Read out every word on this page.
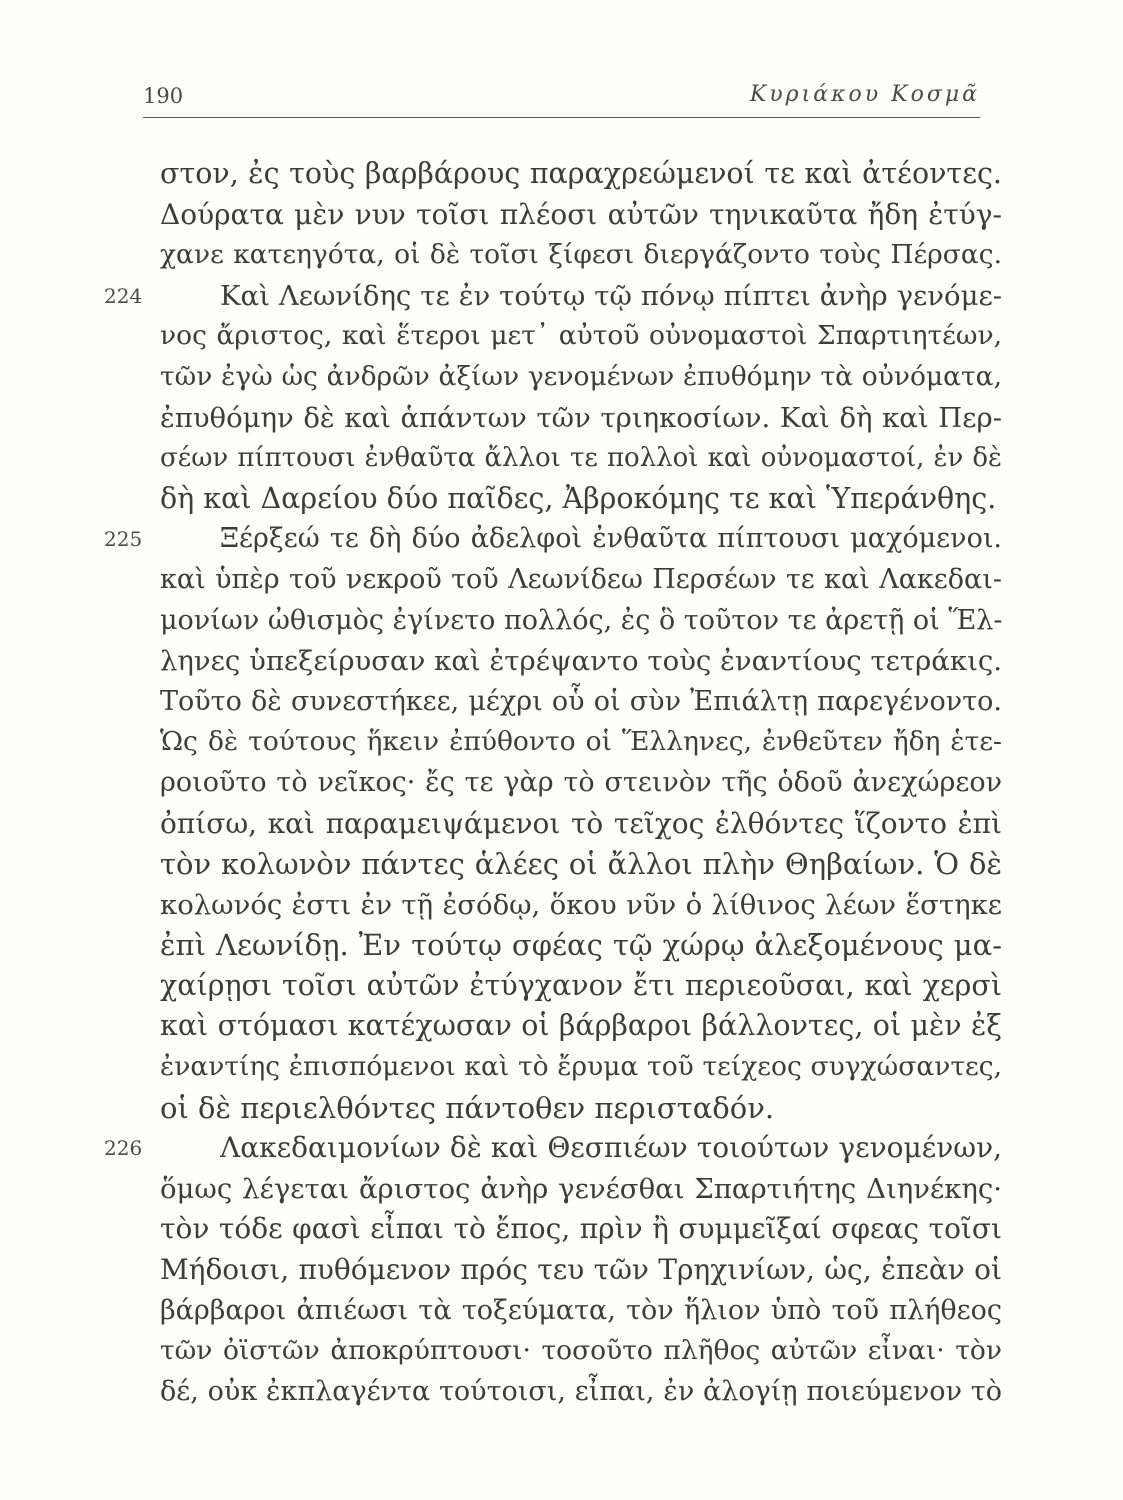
190	Κυριάκου Κοσμᾶ
στον, ἐς τοὺς βαρβάρους παραχρεώμενοί τε καὶ ἀτέοντες.
Δούρατα μὲν νυν τοῖσι πλέοσι αὐτῶν τηνικαῦτα ἤδη ἐτύγ-
χανε κατεηγότα, οἱ δὲ τοῖσι ξίφεσι διεργάζοντο τοὺς Πέρσας.
Καὶ Λεωνίδης τε ἐν τούτῳ τῷ πόνῳ πίπτει ἀνὴρ γενόμε-
224
νος ἄριστος, καὶ ἕτεροι μετ᾽ αὐτοῦ οὐνομαστοὶ Σπαρτιητέων,
τῶν ἐγὼ ὡς ἀνδρῶν ἀξίων γενομένων ἐπυθόμην τὰ οὐνόματα,
ἐπυθόμην δὲ καὶ ἁπάντων τῶν τριηκοσίων. Καὶ δὴ καὶ Περ-
σέων πίπτουσι ἐνθαῦτα ἄλλοι τε πολλοὶ καὶ οὐνομαστοί, ἐν δὲ
δὴ καὶ Δαρείου δύο παῖδες, Ἀβροκόμης τε καὶ Ὑπεράνθης.
Ξέρξεώ τε δὴ δύο ἀδελφοὶ ἐνθαῦτα πίπτουσι μαχόμενοι.
225
καὶ ὑπὲρ τοῦ νεκροῦ τοῦ Λεωνίδεω Περσέων τε καὶ Λακεδαι-
μονίων ὠθισμὸς ἐγίνετο πολλός, ἐς ὃ τοῦτον τε ἀρετῇ οἱ Ἕλ-
ληνες ὑπεξείρυσαν καὶ ἐτρέψαντο τοὺς ἐναντίους τετράκις.
Τοῦτο δὲ συνεστήκεε, μέχρι οὗ οἱ σὺν Ἐπιάλτῃ παρεγένοντο.
Ὡς δὲ τούτους ἥκειν ἐπύθοντο οἱ Ἕλληνες, ἐνθεῦτεν ἤδη ἑτε-
ροιοῦτο τὸ νεῖκος· ἔς τε γὰρ τὸ στεινὸν τῆς ὁδοῦ ἀνεχώρεον
ὀπίσω, καὶ παραμειψάμενοι τὸ τεῖχος ἐλθόντες ἵζοντο ἐπὶ
τὸν κολωνὸν πάντες ἁλέες οἱ ἄλλοι πλὴν Θηβαίων. Ὁ δὲ
κολωνός ἐστι ἐν τῇ ἐσόδῳ, ὅκου νῦν ὁ λίθινος λέων ἕστηκε
ἐπὶ Λεωνίδῃ. Ἐν τούτῳ σφέας τῷ χώρῳ ἀλεξομένους μα-
χαίρῃσι τοῖσι αὐτῶν ἐτύγχανον ἔτι περιεοῦσαι, καὶ χερσὶ
καὶ στόμασι κατέχωσαν οἱ βάρβαροι βάλλοντες, οἱ μὲν ἐξ
ἐναντίης ἐπισπόμενοι καὶ τὸ ἔρυμα τοῦ τείχεος συγχώσαντες,
οἱ δὲ περιελθόντες πάντοθεν περισταδόν.
Λακεδαιμονίων δὲ καὶ Θεσπιέων τοιούτων γενομένων,
226
ὅμως λέγεται ἄριστος ἀνὴρ γενέσθαι Σπαρτιήτης Διηνέκης·
τὸν τόδε φασὶ εἶπαι τὸ ἔπος, πρὶν ἢ συμμεῖξαί σφεας τοῖσι
Μήδοισι, πυθόμενον πρός τευ τῶν Τρηχινίων, ὡς, ἐπεὰν οἱ
βάρβαροι ἀπιέωσι τὰ τοξεύματα, τὸν ἥλιον ὑπὸ τοῦ πλήθεος
τῶν ὀϊστῶν ἀποκρύπτουσι· τοσοῦτο πλῆθος αὐτῶν εἶναι· τὸν
δέ, οὐκ ἐκπλαγέντα τούτοισι, εἶπαι, ἐν ἀλογίῃ ποιεύμενον τὸ
